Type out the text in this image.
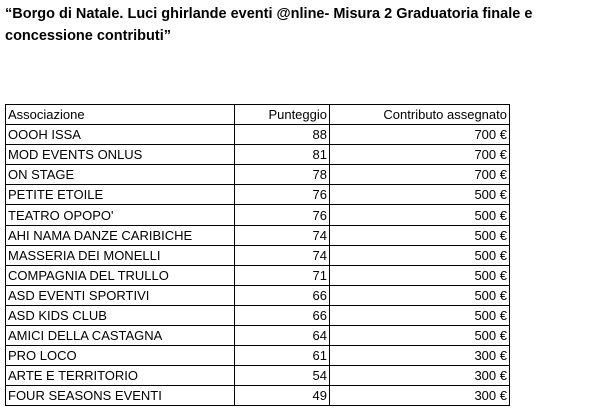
“Borgo di Natale. Luci ghirlande eventi @nline- Misura 2 Graduatoria finale e concessione contributi”

Associazione	Punteggio	Contributo assegnato
OOOH ISSA	88	700 €
MOD EVENTS ONLUS	81	700 €
ON STAGE	78	700 €
PETITE ETOILE	76	500 €
TEATRO OPOPO'	76	500 €
AHI NAMA DANZE CARIBICHE	74	500 €
MASSERIA DEI MONELLI	74	500 €
COMPAGNIA DEL TRULLO	71	500 €
ASD EVENTI SPORTIVI	66	500 €
ASD KIDS CLUB	66	500 €
AMICI DELLA CASTAGNA	64	500 €
PRO LOCO	61	300 €
ARTE E TERRITORIO	54	300 €
FOUR SEASONS EVENTI	49	300 €
